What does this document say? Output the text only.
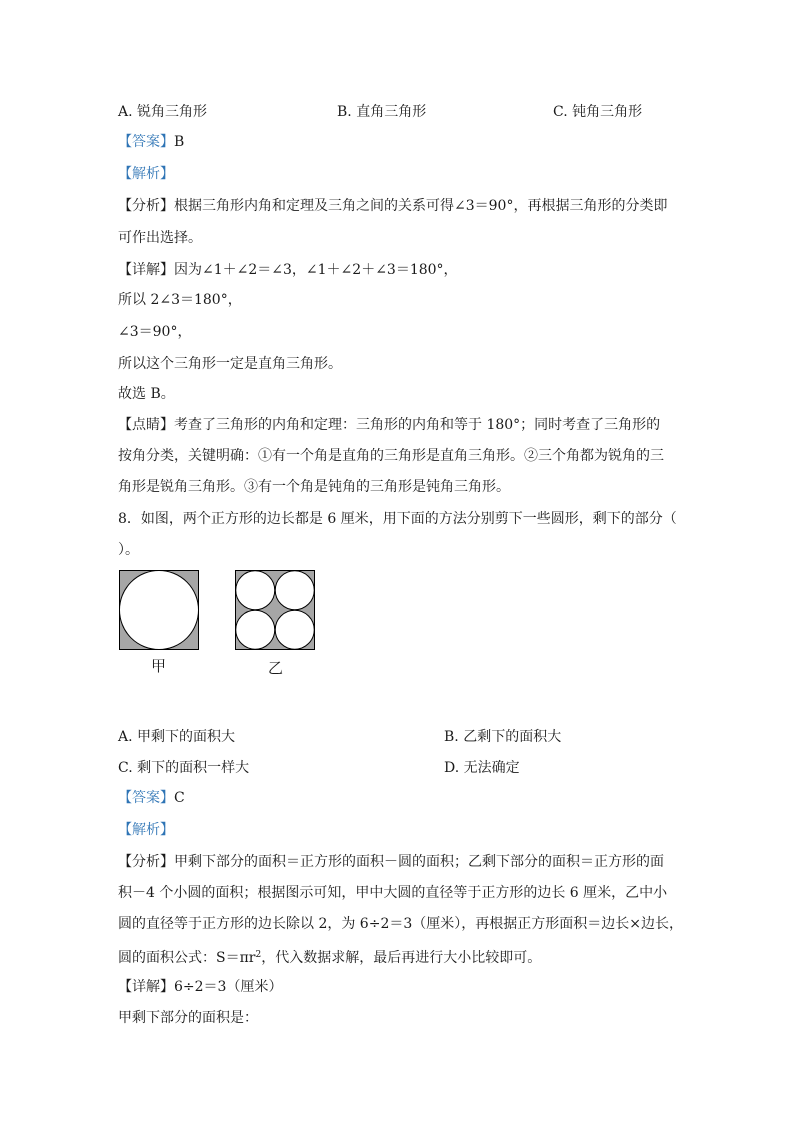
A. 锐角三角形	B. 直角三角形	C. 钝角三角形
【答案】B
【解析】
【分析】根据三角形内角和定理及三角之间的关系可得∠3＝90°，再根据三角形的分类即
可作出选择。
【详解】因为∠1＋∠2＝∠3，∠1＋∠2＋∠3＝180°，
所以 2∠3＝180°，
∠3＝90°，
所以这个三角形一定是直角三角形。
故选 B。
【点睛】考查了三角形的内角和定理：三角形的内角和等于 180°；同时考查了三角形的
按角分类，关键明确：①有一个角是直角的三角形是直角三角形。②三个角都为锐角的三
角形是锐角三角形。③有一个角是钝角的三角形是钝角三角形。
8．如图，两个正方形的边长都是 6 厘米，用下面的方法分别剪下一些圆形，剩下的部分（
）。
甲	乙
A. 甲剩下的面积大	B. 乙剩下的面积大
C. 剩下的面积一样大	D. 无法确定
【答案】C
【解析】
【分析】甲剩下部分的面积＝正方形的面积－圆的面积；乙剩下部分的面积＝正方形的面
积－4 个小圆的面积；根据图示可知，甲中大圆的直径等于正方形的边长 6 厘米，乙中小
圆的直径等于正方形的边长除以 2，为 6÷2＝3（厘米），再根据正方形面积＝边长×边长，
圆的面积公式：$S=\pi r^2$，代入数据求解，最后再进行大小比较即可。
【详解】6÷2＝3（厘米）
甲剩下部分的面积是：
